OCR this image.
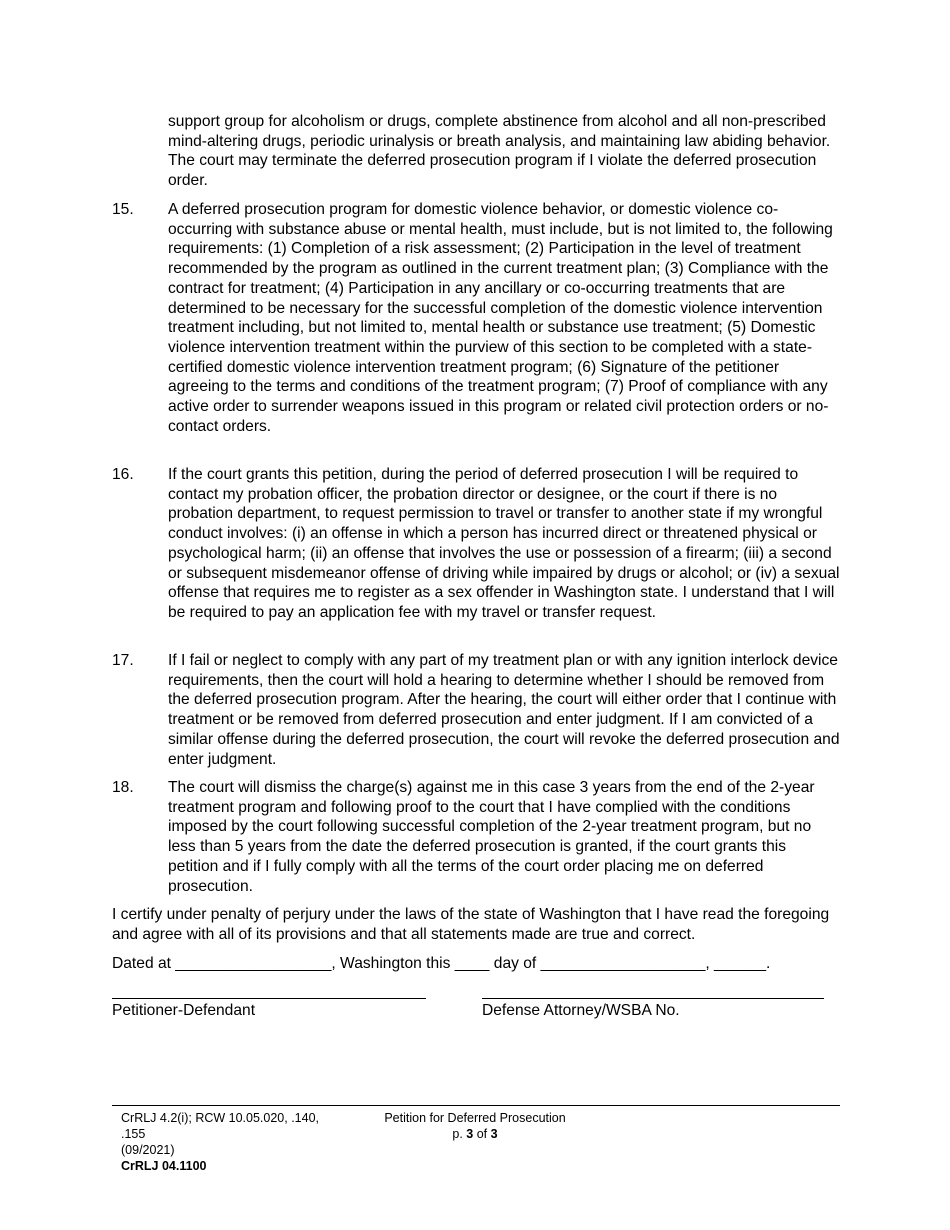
support group for alcoholism or drugs, complete abstinence from alcohol and all non-prescribed mind-altering drugs, periodic urinalysis or breath analysis, and maintaining law abiding behavior. The court may terminate the deferred prosecution program if I violate the deferred prosecution order.

15. A deferred prosecution program for domestic violence behavior, or domestic violence co-occurring with substance abuse or mental health, must include, but is not limited to, the following requirements: (1) Completion of a risk assessment; (2) Participation in the level of treatment recommended by the program as outlined in the current treatment plan; (3) Compliance with the contract for treatment; (4) Participation in any ancillary or co-occurring treatments that are determined to be necessary for the successful completion of the domestic violence intervention treatment including, but not limited to, mental health or substance use treatment; (5) Domestic violence intervention treatment within the purview of this section to be completed with a state-certified domestic violence intervention treatment program; (6) Signature of the petitioner agreeing to the terms and conditions of the treatment program; (7) Proof of compliance with any active order to surrender weapons issued in this program or related civil protection orders or no-contact orders.
16. If the court grants this petition, during the period of deferred prosecution I will be required to contact my probation officer, the probation director or designee, or the court if there is no probation department, to request permission to travel or transfer to another state if my wrongful conduct involves: (i) an offense in which a person has incurred direct or threatened physical or psychological harm; (ii) an offense that involves the use or possession of a firearm; (iii) a second or subsequent misdemeanor offense of driving while impaired by drugs or alcohol; or (iv) a sexual offense that requires me to register as a sex offender in Washington state. I understand that I will be required to pay an application fee with my travel or transfer request.
17. If I fail or neglect to comply with any part of my treatment plan or with any ignition interlock device requirements, then the court will hold a hearing to determine whether I should be removed from the deferred prosecution program. After the hearing, the court will either order that I continue with treatment or be removed from deferred prosecution and enter judgment. If I am convicted of a similar offense during the deferred prosecution, the court will revoke the deferred prosecution and enter judgment.
18. The court will dismiss the charge(s) against me in this case 3 years from the end of the 2-year treatment program and following proof to the court that I have complied with the conditions imposed by the court following successful completion of the 2-year treatment program, but no less than 5 years from the date the deferred prosecution is granted, if the court grants this petition and if I fully comply with all the terms of the court order placing me on deferred prosecution.

I certify under penalty of perjury under the laws of the state of Washington that I have read the foregoing and agree with all of its provisions and that all statements made are true and correct.

Dated at __________________, Washington this ____ day of ___________________, ______.
Petitioner-Defendant	Defense Attorney/WSBA No.
CrRLJ 4.2(i); RCW 10.05.020, .140,
.155
(09/2021)
CrRLJ 04.1100
Petition for Deferred Prosecution
p. 3 of 3
